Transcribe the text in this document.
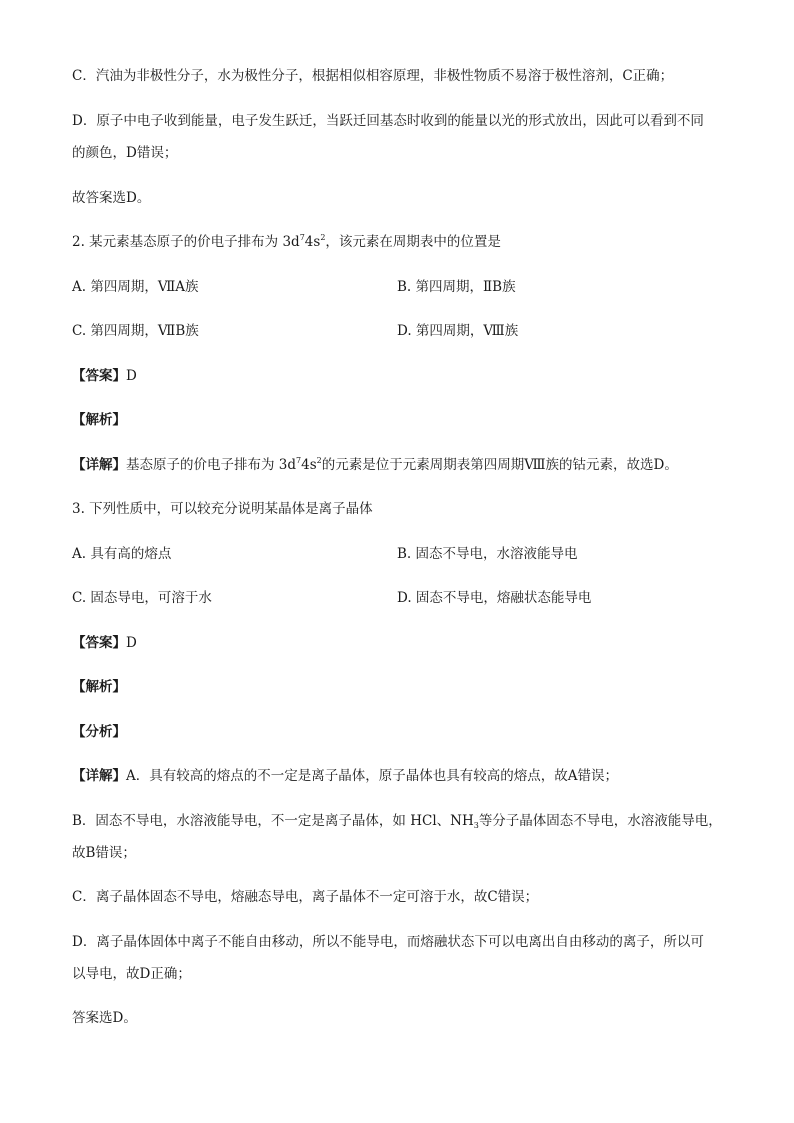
C．汽油为非极性分子，水为极性分子，根据相似相容原理，非极性物质不易溶于极性溶剂，C正确；
D．原子中电子收到能量，电子发生跃迁，当跃迁回基态时收到的能量以光的形式放出，因此可以看到不同
的颜色，D错误；
故答案选D。
2. 某元素基态原子的价电子排布为 $3d^74s^2$，该元素在周期表中的位置是
A. 第四周期，ⅦA族	B. 第四周期，ⅡB族
C. 第四周期，ⅦB族	D. 第四周期，Ⅷ族
【答案】D
【解析】
【详解】基态原子的价电子排布为 $3d^74s^2$的元素是位于元素周期表第四周期Ⅷ族的钴元素，故选D。
3. 下列性质中，可以较充分说明某晶体是离子晶体
A. 具有高的熔点	B. 固态不导电，水溶液能导电
C. 固态导电，可溶于水	D. 固态不导电，熔融状态能导电
【答案】D
【解析】
【分析】
【详解】A．具有较高的熔点的不一定是离子晶体，原子晶体也具有较高的熔点，故A错误；
B．固态不导电，水溶液能导电，不一定是离子晶体，如 HCl、$NH_3$等分子晶体固态不导电，水溶液能导电，
故B错误；
C．离子晶体固态不导电，熔融态导电，离子晶体不一定可溶于水，故C错误；
D．离子晶体固体中离子不能自由移动，所以不能导电，而熔融状态下可以电离出自由移动的离子，所以可
以导电，故D正确；
答案选D。
